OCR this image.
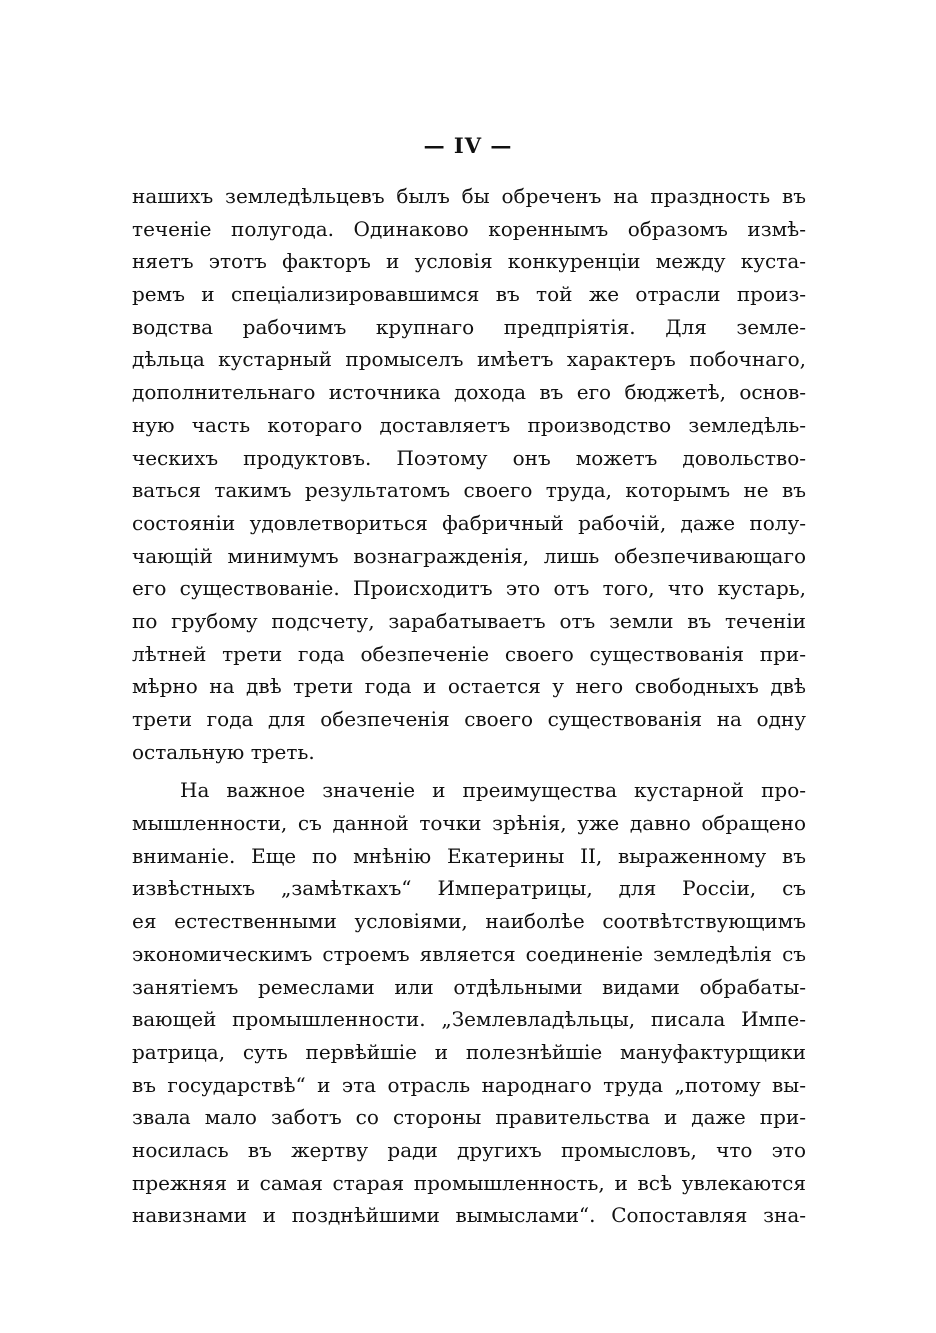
— IV —
нашихъ земледѣльцевъ былъ бы обреченъ на праздность въ
теченіе полугода. Одинаково кореннымъ образомъ измѣ-
няетъ этотъ факторъ и условія конкуренціи между куста-
ремъ и спеціализировавшимся въ той же отрасли произ-
водства рабочимъ крупнаго предпріятія. Для земле-
дѣльца кустарный промыселъ имѣетъ характеръ побочнаго,
дополнительнаго источника дохода въ его бюджетѣ, основ-
ную часть котораго доставляетъ производство земледѣль-
ческихъ продуктовъ. Поэтому онъ можетъ довольство-
ваться такимъ результатомъ своего труда, которымъ не въ
состояніи удовлетвориться фабричный рабочій, даже полу-
чающій минимумъ вознагражденія, лишь обезпечивающаго
его существованіе. Происходитъ это отъ того, что кустарь,
по грубому подсчету, зарабатываетъ отъ земли въ теченіи
лѣтней трети года обезпеченіе своего существованія при-
мѣрно на двѣ трети года и остается у него свободныхъ двѣ
трети года для обезпеченія своего существованія на одну
остальную треть.
На важное значеніе и преимущества кустарной про-
мышленности, съ данной точки зрѣнія, уже давно обращено
вниманіе. Еще по мнѣнію Екатерины II, выраженному въ
извѣстныхъ „замѣткахъ“ Императрицы, для Россіи, съ
ея естественными условіями, наиболѣе соотвѣтствующимъ
экономическимъ строемъ является соединеніе земледѣлія съ
занятіемъ ремеслами или отдѣльными видами обрабаты-
вающей промышленности. „Землевладѣльцы, писала Импе-
ратрица, суть первѣйшіе и полезнѣйшіе мануфактурщики
въ государствѣ“ и эта отрасль народнаго труда „потому вы-
звала мало заботъ со стороны правительства и даже при-
носилась въ жертву ради другихъ промысловъ, что это
прежняя и самая старая промышленность, и всѣ увлекаются
навизнами и позднѣйшими вымыслами“. Сопоставляя зна-
